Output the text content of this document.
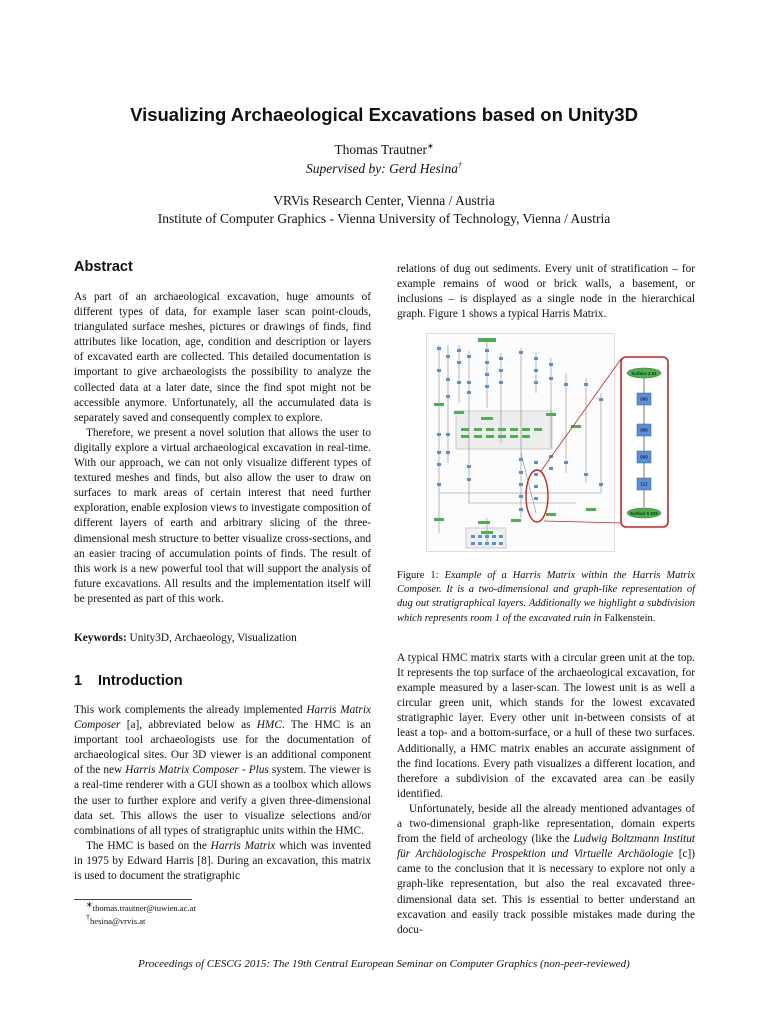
Visualizing Archaeological Excavations based on Unity3D
Thomas Trautner∗
Supervised by: Gerd Hesina†
VRVis Research Center, Vienna / Austria
Institute of Computer Graphics - Vienna University of Technology, Vienna / Austria
Abstract

As part of an archaeological excavation, huge amounts of different types of data, for example laser scan point-clouds, triangulated surface meshes, pictures or drawings of finds, find attributes like location, age, condition and description or layers of excavated earth are collected. This detailed documentation is important to give archaeologists the possibility to analyze the collected data at a later date, since the find spot might not be accessible anymore. Unfortunately, all the accumulated data is separately saved and consequently complex to explore.

Therefore, we present a novel solution that allows the user to digitally explore a virtual archaeological excavation in real-time. With our approach, we can not only visualize different types of textured meshes and finds, but also allow the user to draw on surfaces to mark areas of certain interest that need further exploration, enable explosion views to investigate composition of different layers of earth and arbitrary slicing of the three- dimensional mesh structure to better visualize cross-sections, and an easier tracing of accumulation points of finds. The result of this work is a new powerful tool that will support the analysis of future excavations. All results and the implementation itself will be presented as part of this work.

Keywords: Unity3D, Archaeology, Visualization
1 Introduction

This work complements the already implemented Harris Matrix Composer [a], abbreviated below as HMC. The HMC is an important tool archaeologists use for the documentation of archaeological sites. Our 3D viewer is an additional component of the new Harris Matrix Composer - Plus system. The viewer is a real-time renderer with a GUI shown as a toolbox which allows the user to further explore and verify a given three-dimensional data set. This allows the user to visualize selections and/or combinations of all types of stratigraphic units within the HMC.

The HMC is based on the Harris Matrix which was invented in 1975 by Edward Harris [8]. During an excavation, this matrix is used to document the stratigraphic

∗thomas.trautner@tuwien.ac.at
†hesina@vrvis.at

relations of dug out sediments. Every unit of stratification – for example remains of wood or brick walls, a basement, or inclusions – is displayed as a single node in the hierarchical graph. Figure 1 shows a typical Harris Matrix.

Surface 2.91
900
906
909
112
Surface 5.825
Figure 1: Example of a Harris Matrix within the Harris Matrix Composer. It is a two-dimensional and graph-like representation of dug out stratigraphical layers. Additionally we highlight a subdivision which represents room 1 of the excavated ruin in Falkenstein.

A typical HMC matrix starts with a circular green unit at the top. It represents the top surface of the archaeological excavation, for example measured by a laser-scan. The lowest unit is as well a circular green unit, which stands for the lowest excavated stratigraphic layer. Every other unit in-between consists of at least a top- and a bottom-surface, or a hull of these two surfaces. Additionally, a HMC matrix enables an accurate assignment of the find locations. Every path visualizes a different location, and therefore a subdivision of the excavated area can be easily identified.

Unfortunately, beside all the already mentioned advantages of a two-dimensional graph-like representation, domain experts from the field of archeology (like the Ludwig Boltzmann Institut für Archäologische Prospektion und Virtuelle Archäologie [c]) came to the conclusion that it is necessary to explore not only a graph-like representation, but also the real excavated three-dimensional data set. This is essential to better understand an excavation and easily track possible mistakes made during the docu-

Proceedings of CESCG 2015: The 19th Central European Seminar on Computer Graphics (non-peer-reviewed)
